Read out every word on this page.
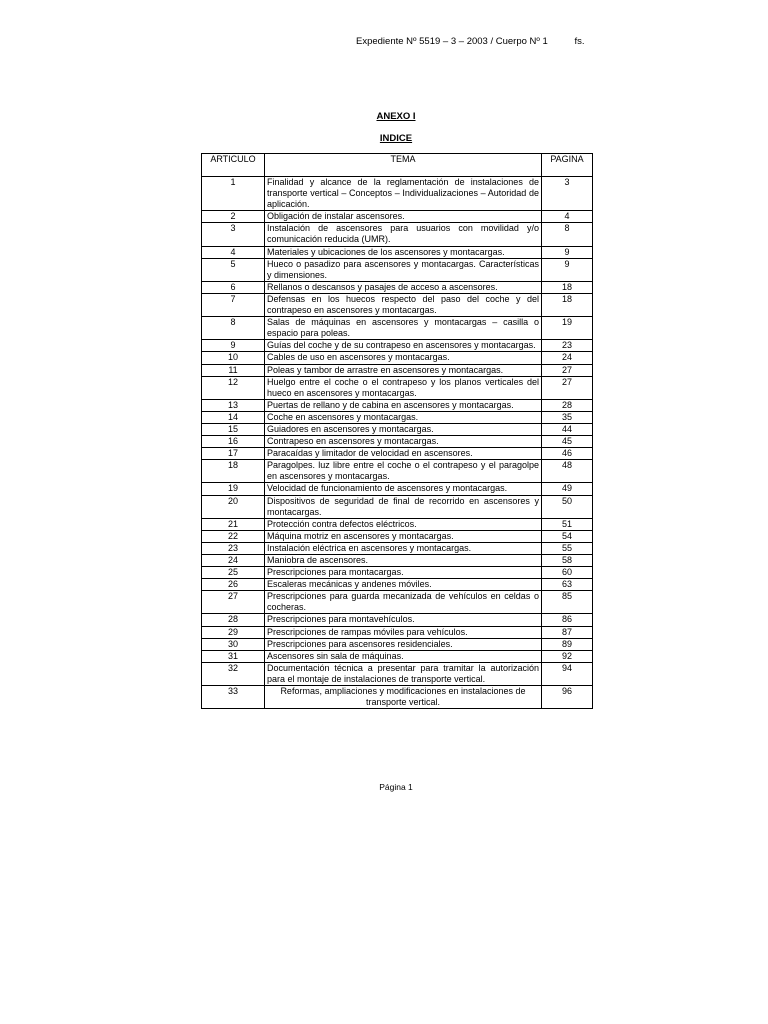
Expediente Nº 5519 – 3 – 2003 / Cuerpo Nº 1	fs.
ANEXO I
INDICE
ARTICULO	TEMA	PAGINA
1	Finalidad y alcance de la reglamentación de instalaciones de transporte vertical – Conceptos – Individualizaciones – Autoridad de aplicación.	3
2	Obligación de instalar ascensores.	4
3	Instalación de ascensores para usuarios con movilidad y/o comunicación reducida (UMR).	8
4	Materiales y ubicaciones de los ascensores y montacargas.	9
5	Hueco o pasadizo para ascensores y montacargas. Características y dimensiones.	9
6	Rellanos o descansos y pasajes de acceso a ascensores.	18
7	Defensas en los huecos respecto del paso del coche y del contrapeso en ascensores y montacargas.	18
8	Salas de máquinas en ascensores y montacargas – casilla o espacio para poleas.	19
9	Guías del coche y de su contrapeso en ascensores y montacargas.	23
10	Cables de uso en ascensores y montacargas.	24
11	Poleas y tambor de arrastre en ascensores y montacargas.	27
12	Huelgo entre el coche o el contrapeso y los planos verticales del hueco en ascensores y montacargas.	27
13	Puertas de rellano y de cabina en ascensores y montacargas.	28
14	Coche en ascensores y montacargas.	35
15	Guiadores en ascensores y montacargas.	44
16	Contrapeso en ascensores y montacargas.	45
17	Paracaídas y limitador de velocidad en ascensores.	46
18	Paragolpes. luz libre entre el coche o el contrapeso y el paragolpe en ascensores y montacargas.	48
19	Velocidad de funcionamiento de ascensores y montacargas.	49
20	Dispositivos de seguridad de final de recorrido en ascensores y montacargas.	50
21	Protección contra defectos eléctricos.	51
22	Máquina motriz en ascensores y montacargas.	54
23	Instalación eléctrica en ascensores y montacargas.	55
24	Maniobra de ascensores.	58
25	Prescripciones para montacargas.	60
26	Escaleras mecánicas y andenes móviles.	63
27	Prescripciones para guarda mecanizada de vehículos en celdas o cocheras.	85
28	Prescripciones para montavehículos.	86
29	Prescripciones de rampas móviles para vehículos.	87
30	Prescripciones para ascensores residenciales.	89
31	Ascensores sin sala de máquinas.	92
32	Documentación técnica a presentar para tramitar la autorización para el montaje de instalaciones de transporte vertical.	94
33	Reformas, ampliaciones y modificaciones en instalaciones de transporte vertical.	96
Página 1
